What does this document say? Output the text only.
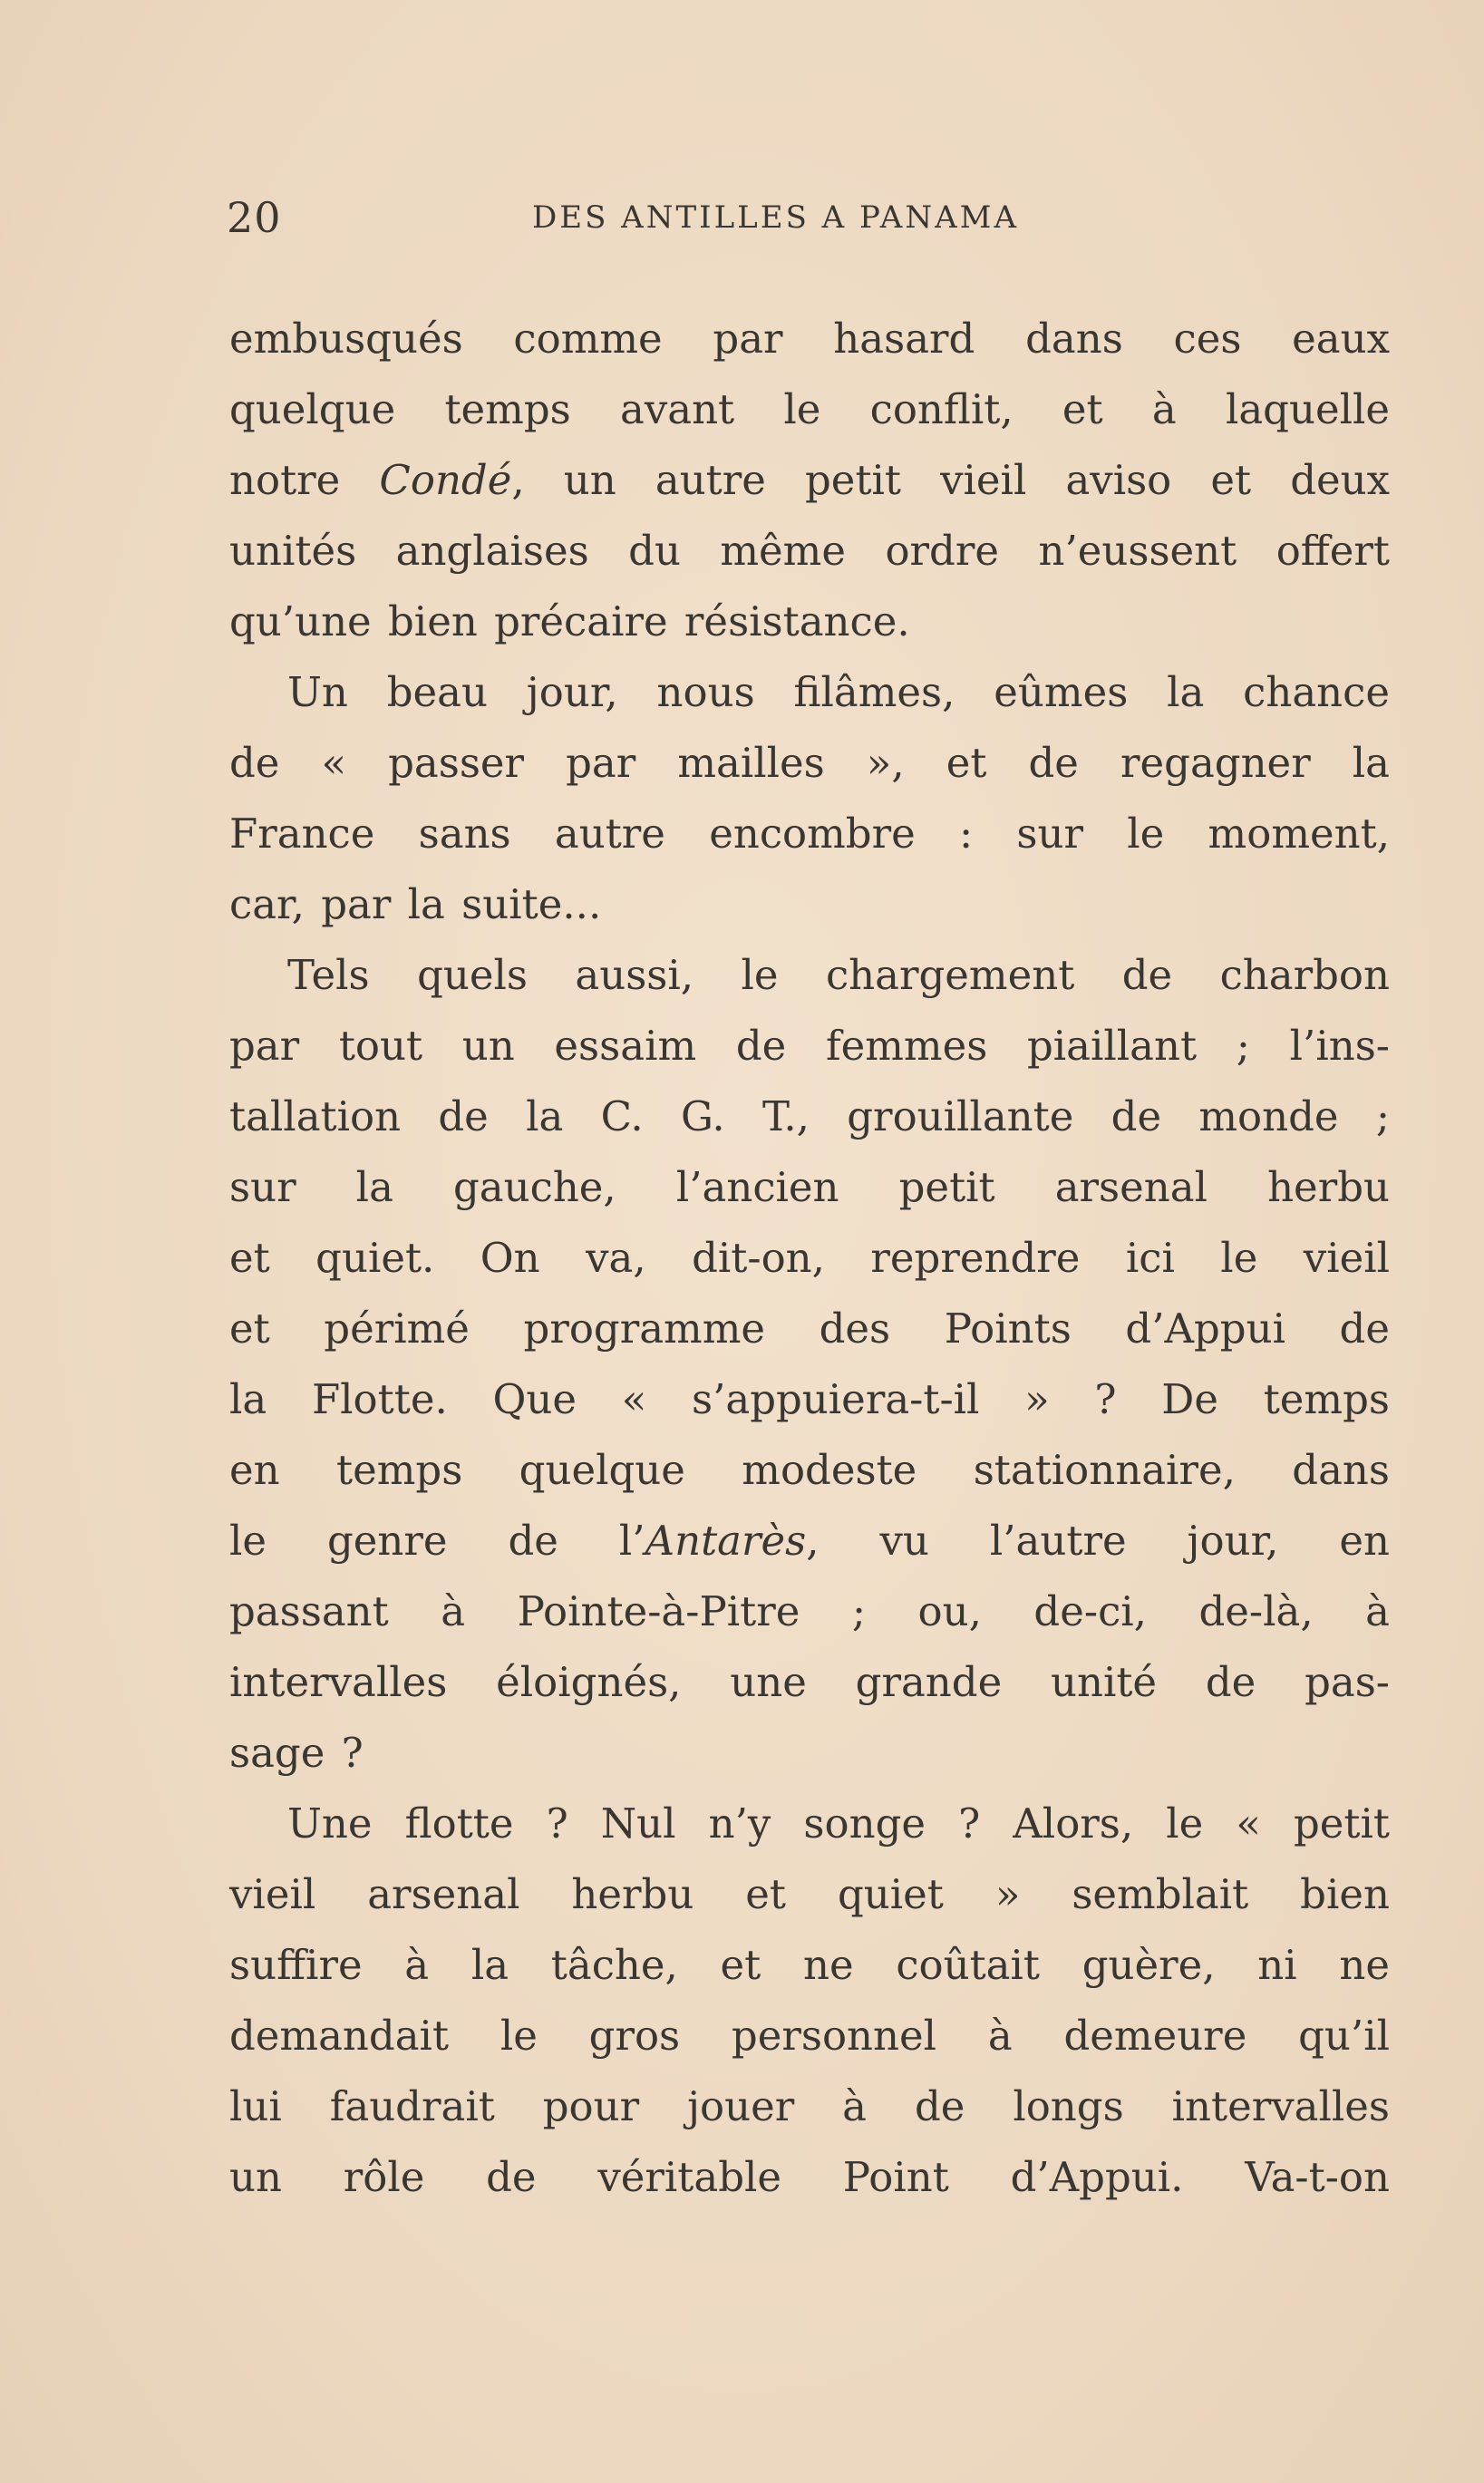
20	DES ANTILLES A PANAMA
embusqués comme par hasard dans ces eaux
quelque temps avant le conflit, et à laquelle
notre Condé, un autre petit vieil aviso et deux
unités anglaises du même ordre n’eussent offert
qu’une bien précaire résistance.
Un beau jour, nous filâmes, eûmes la chance
de « passer par mailles », et de regagner la
France sans autre encombre : sur le moment,
car, par la suite...
Tels quels aussi, le chargement de charbon
par tout un essaim de femmes piaillant ; l’ins-
tallation de la C. G. T., grouillante de monde ;
sur la gauche, l’ancien petit arsenal herbu
et quiet. On va, dit-on, reprendre ici le vieil
et périmé programme des Points d’Appui de
la Flotte. Que « s’appuiera-t-il » ? De temps
en temps quelque modeste stationnaire, dans
le genre de l’Antarès, vu l’autre jour, en
passant à Pointe-à-Pitre ; ou, de-ci, de-là, à
intervalles éloignés, une grande unité de pas-
sage ?
Une flotte ? Nul n’y songe ? Alors, le « petit
vieil arsenal herbu et quiet » semblait bien
suffire à la tâche, et ne coûtait guère, ni ne
demandait le gros personnel à demeure qu’il
lui faudrait pour jouer à de longs intervalles
un rôle de véritable Point d’Appui. Va-t-on
